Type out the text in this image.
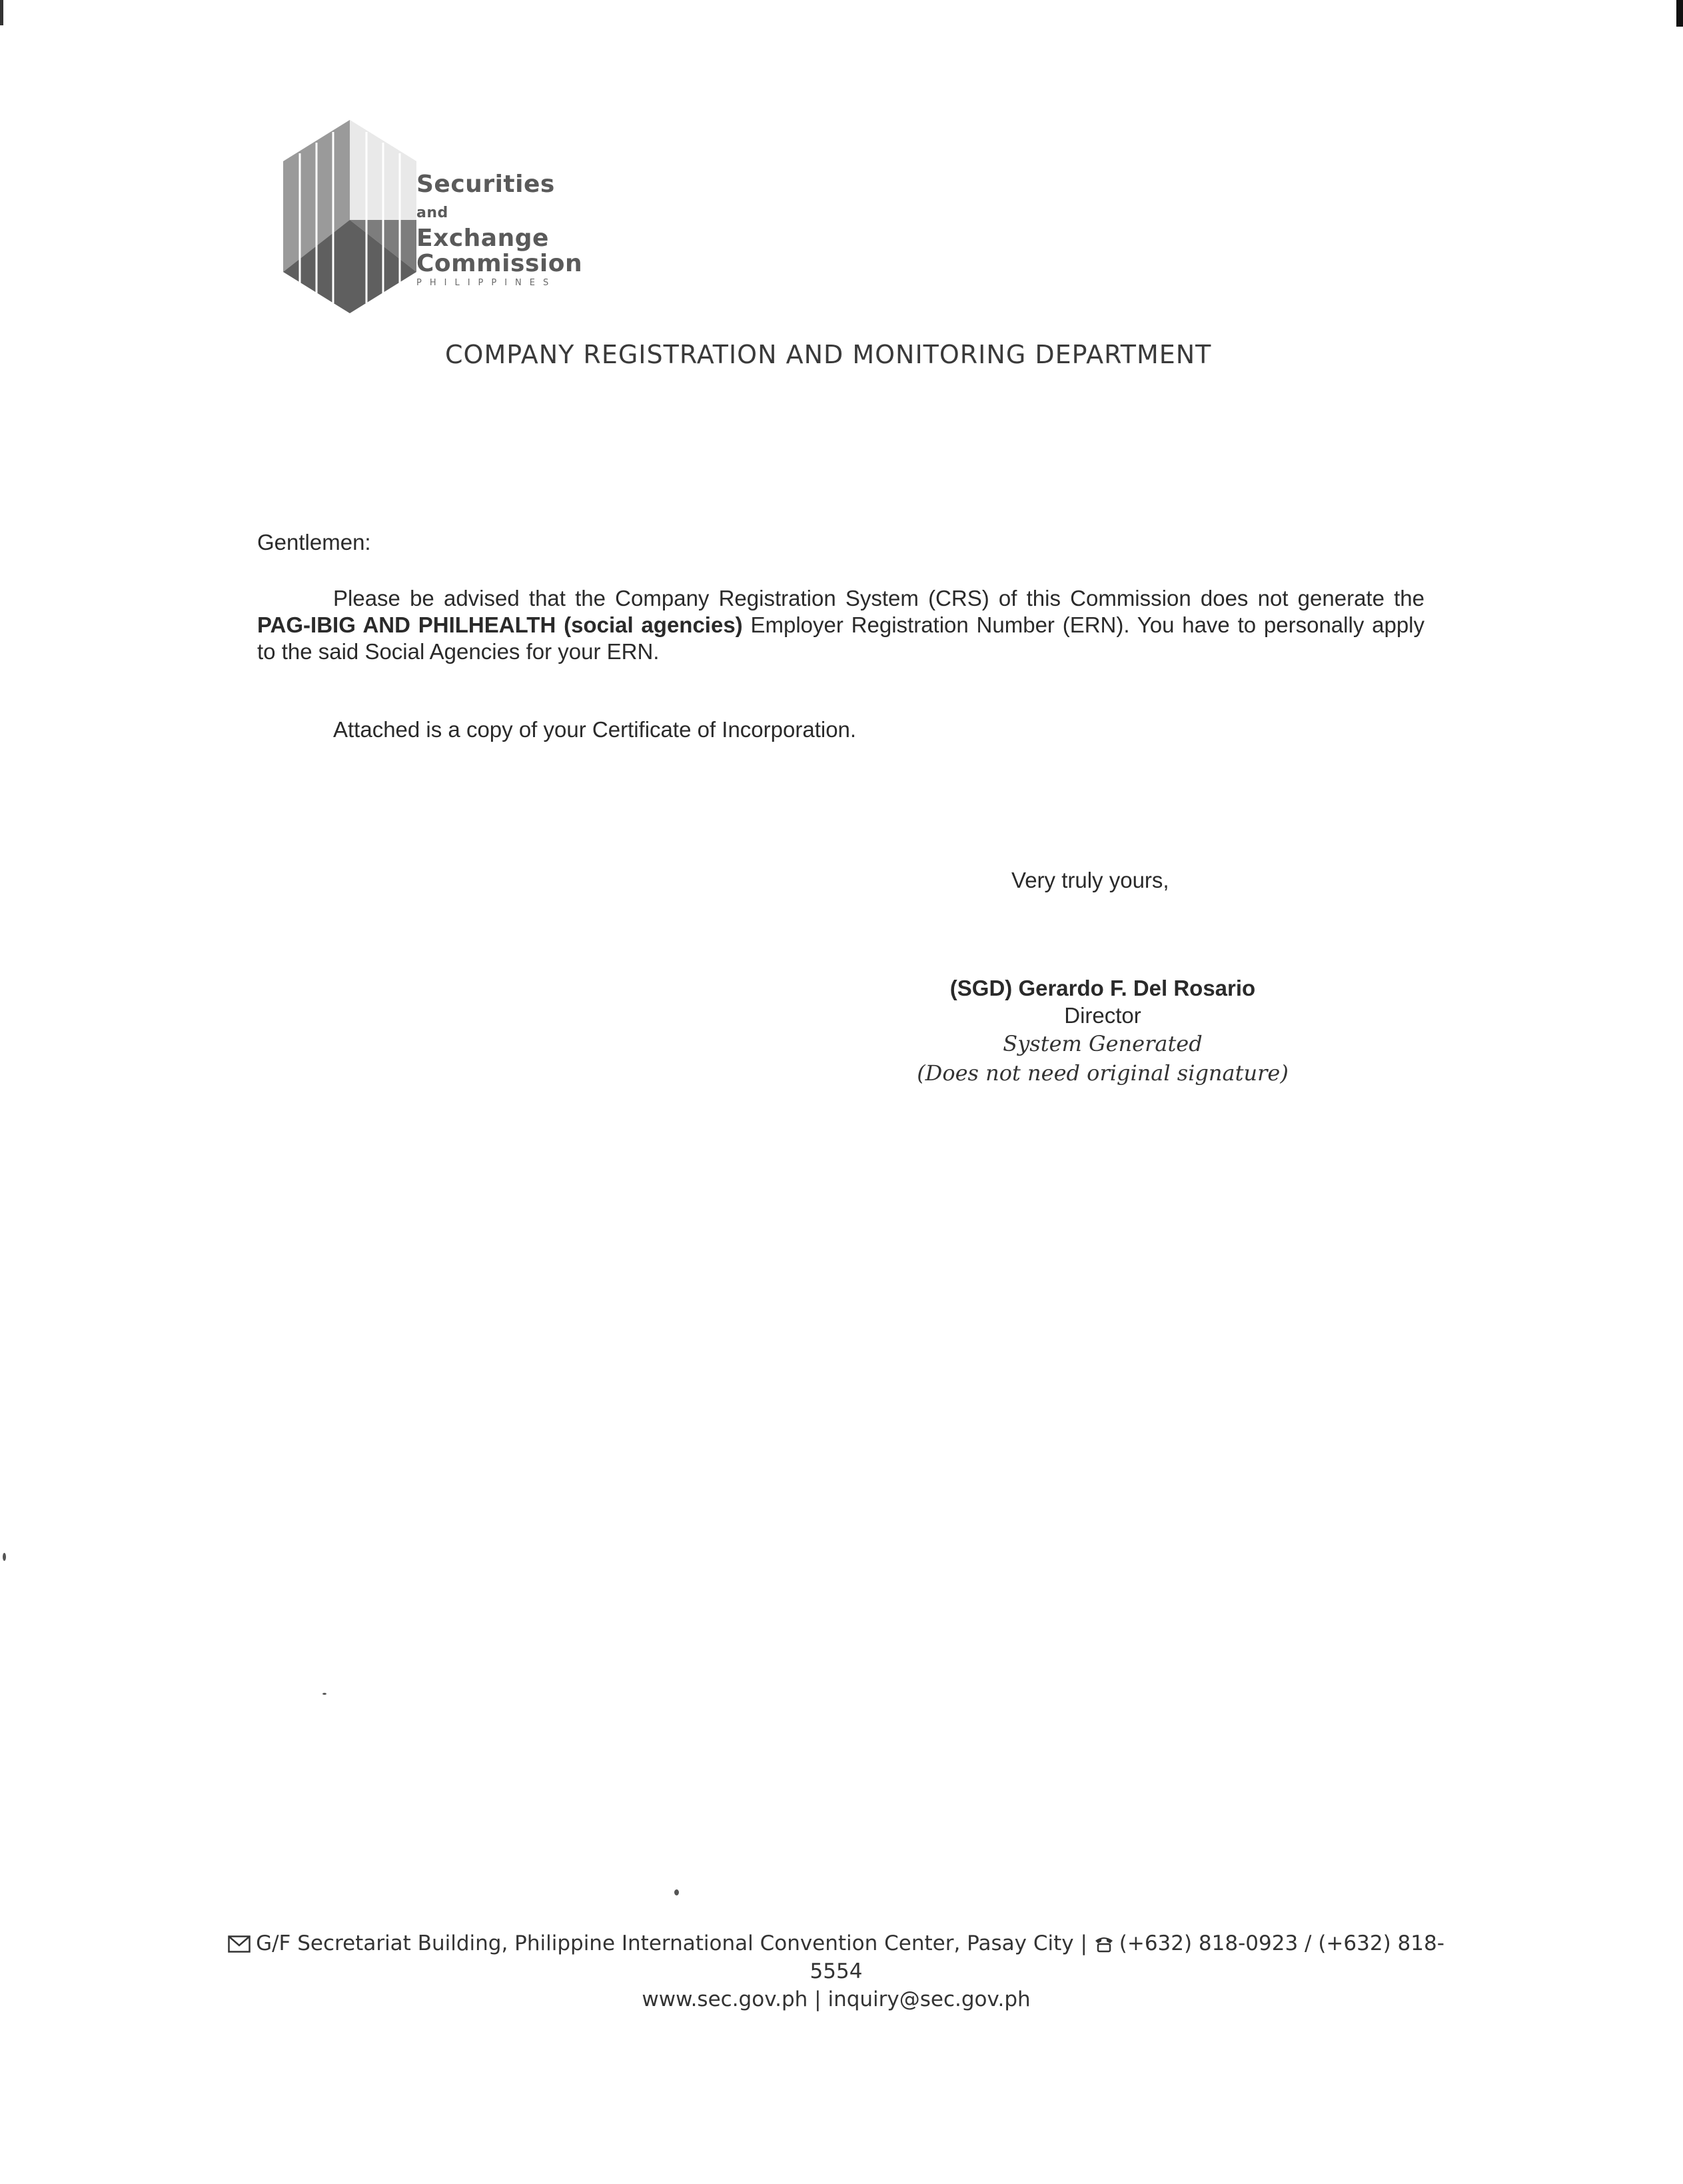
Securities and
Exchange
Commission
PHILIPPINES
COMPANY REGISTRATION AND MONITORING DEPARTMENT
Gentlemen:
Please be advised that the Company Registration System (CRS) of this Commission does not generate the PAG-IBIG AND PHILHEALTH (social agencies) Employer Registration Number (ERN). You have to personally apply to the said Social Agencies for your ERN.
Attached is a copy of your Certificate of Incorporation.
Very truly yours,
(SGD) Gerardo F. Del Rosario
Director
System Generated
(Does not need original signature)
G/F Secretariat Building, Philippine International Convention Center, Pasay City | (+632) 818-0923 / (+632) 818-
5554
www.sec.gov.ph | inquiry@sec.gov.ph
